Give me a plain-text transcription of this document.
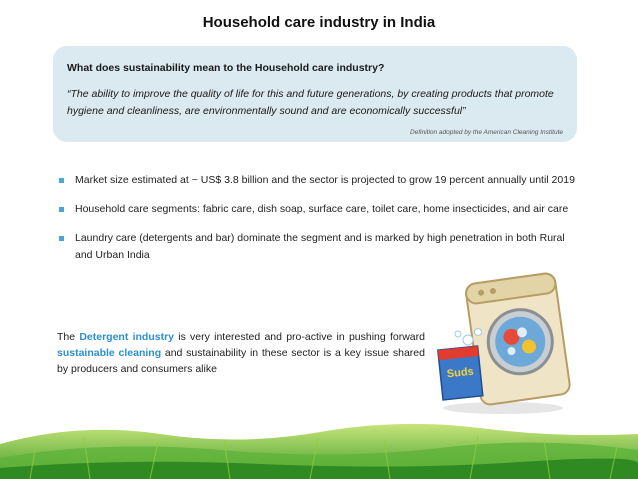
Household care industry in India
What does sustainability mean to the Household care industry?
“The ability to improve the quality of life for this and future generations, by creating products that promote hygiene and cleanliness, are environmentally sound and are economically successful”
Definition adopted by the American Cleaning Institute
Market size estimated at ~ US$ 3.8 billion and the sector is projected to grow 19 percent annually until 2019
Household care segments: fabric care, dish soap, surface care, toilet care, home insecticides, and air care
Laundry care (detergents and bar) dominate the segment and is marked by high penetration in both Rural and Urban India
The Detergent industry is very interested and pro-active in pushing forward sustainable cleaning and sustainability in these sector is a key issue shared by producers and consumers alike	Suds
